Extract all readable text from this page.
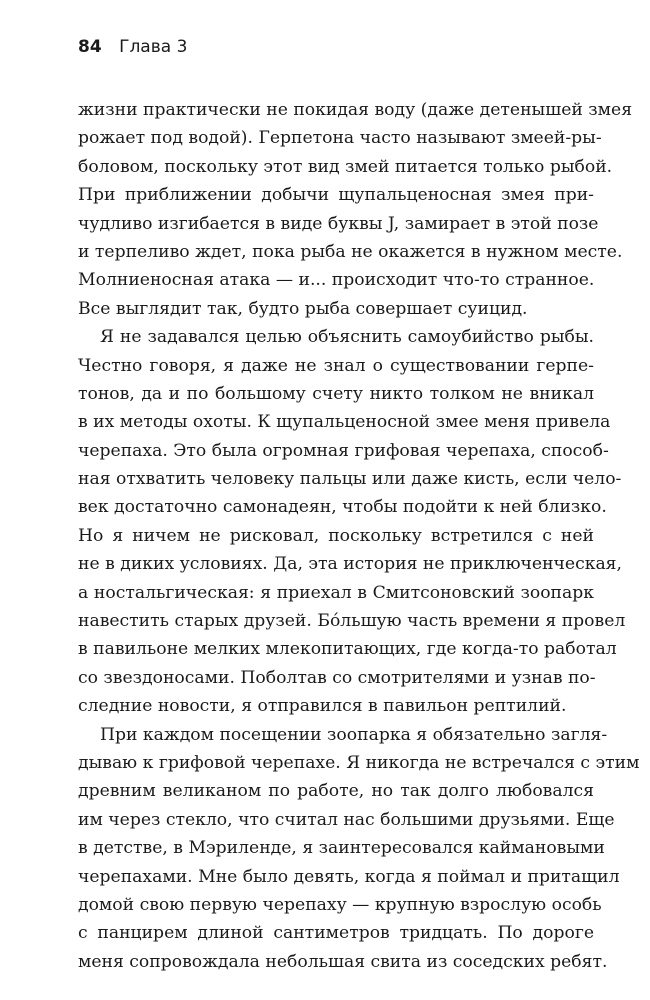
84 Глава 3
жизни практически не покидая воду (даже детенышей змея
рожает под водой). Герпетона часто называют змеей-ры-
боловом, поскольку этот вид змей питается только рыбой.
При приближении добычи щупальценосная змея при-
чудливо изгибается в виде буквы J, замирает в этой позе
и терпеливо ждет, пока рыба не окажется в нужном месте.
Молниеносная атака — и... происходит что-то странное.
Все выглядит так, будто рыба совершает суицид.
Я не задавался целью объяснить самоубийство рыбы.
Честно говоря, я даже не знал о существовании герпе-
тонов, да и по большому счету никто толком не вникал
в их методы охоты. К щупальценосной змее меня привела
черепаха. Это была огромная грифовая черепаха, способ-
ная отхватить человеку пальцы или даже кисть, если чело-
век достаточно самонадеян, чтобы подойти к ней близко.
Но я ничем не рисковал, поскольку встретился с ней
не в диких условиях. Да, эта история не приключенческая,
а ностальгическая: я приехал в Смитсоновский зоопарк
навестить старых друзей. Бо́льшую часть времени я провел
в павильоне мелких млекопитающих, где когда-то работал
со звездоносами. Поболтав со смотрителями и узнав по-
следние новости, я отправился в павильон рептилий.
При каждом посещении зоопарка я обязательно загля-
дываю к грифовой черепахе. Я никогда не встречался с этим
древним великаном по работе, но так долго любовался
им через стекло, что считал нас большими друзьями. Еще
в детстве, в Мэриленде, я заинтересовался каймановыми
черепахами. Мне было девять, когда я поймал и притащил
домой свою первую черепаху — крупную взрослую особь
с панцирем длиной сантиметров тридцать. По дороге
меня сопровождала небольшая свита из соседских ребят.
